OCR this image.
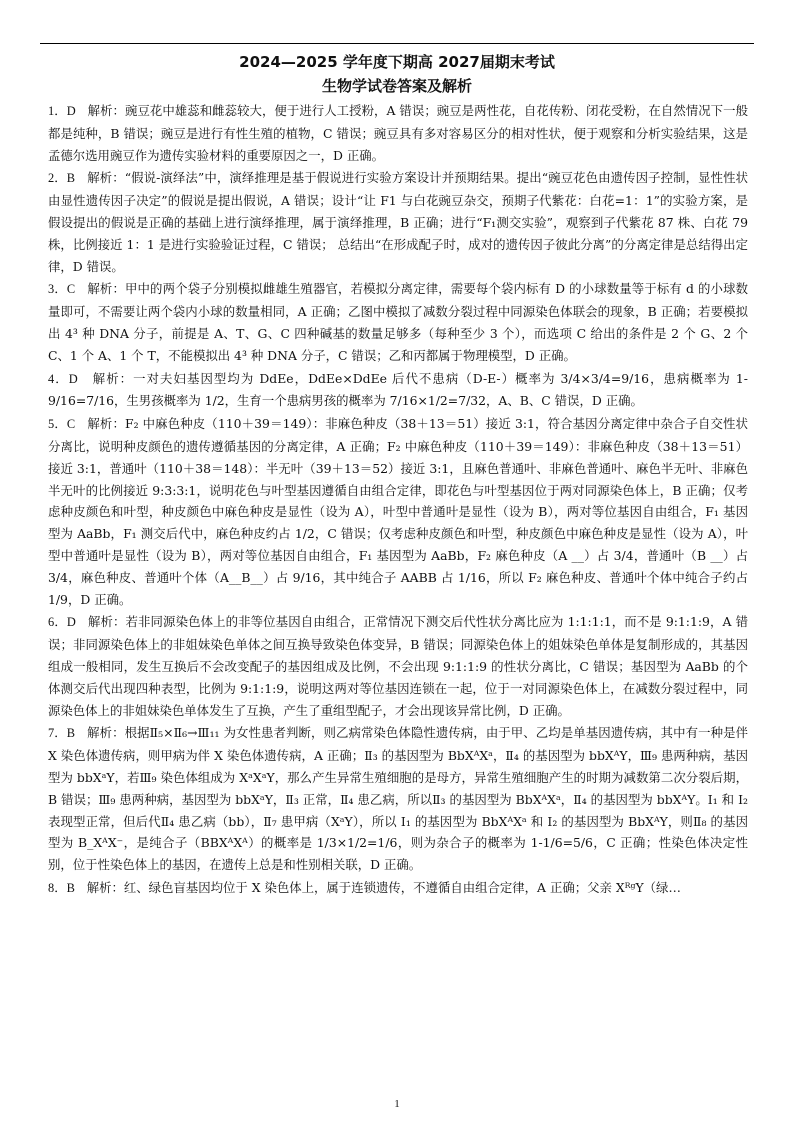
2024—2025 学年度下期高 2027届期末考试
生物学试卷答案及解析

1．D 解析：豌豆花中雄蕊和雌蕊较大，便于进行人工授粉，A 错误；豌豆是两性花，自花传粉、闭花受粉，在自然情况下一般都是纯种，B 错误；豌豆是进行有性生殖的植物，C 错误；豌豆具有多对容易区分的相对性状，便于观察和分析实验结果，这是孟德尔选用豌豆作为遗传实验材料的重要原因之一，D 正确。

2．B 解析：“假说-演绎法”中，演绎推理是基于假说进行实验方案设计并预期结果。提出“豌豆花色由遗传因子控制，显性性状由显性遗传因子决定”的假说是提出假说，A 错误；设计“让 F1 与白花豌豆杂交，预期子代紫花：白花=1：1”的实验方案，是假设提出的假说是正确的基础上进行演绎推理，属于演绎推理，B 正确；进行“F₁测交实验”，观察到子代紫花 87 株、白花 79 株，比例接近 1：1 是进行实验验证过程，C 错误； 总结出“在形成配子时，成对的遗传因子彼此分离”的分离定律是总结得出定律，D 错误。

3．C 解析：甲中的两个袋子分别模拟雌雄生殖器官，若模拟分离定律，需要每个袋内标有 D 的小球数量等于标有 d 的小球数量即可，不需要让两个袋内小球的数量相同，A 正确；乙图中模拟了减数分裂过程中同源染色体联会的现象，B 正确；若要模拟出 4³ 种 DNA 分子，前提是 A、T、G、C 四种碱基的数量足够多（每种至少 3 个），而选项 C 给出的条件是 2 个 G、2 个 C、1 个 A、1 个 T，不能模拟出 4³ 种 DNA 分子，C 错误；乙和丙都属于物理模型，D 正确。

4．D 解析：一对夫妇基因型均为 DdEe，DdEe×DdEe 后代不患病（D-E-）概率为 3/4×3/4=9/16，患病概率为 1-9/16=7/16，生男孩概率为 1/2，生育一个患病男孩的概率为 7/16×1/2=7/32，A、B、C 错误，D 正确。

5．C 解析：F₂ 中麻色种皮（110＋39＝149）：非麻色种皮（38＋13＝51）接近 3:1，符合基因分离定律中杂合子自交性状分离比，说明种皮颜色的遗传遵循基因的分离定律，A 正确；F₂ 中麻色种皮（110＋39＝149）：非麻色种皮（38＋13＝51）接近 3:1，普通叶（110＋38＝148）：半无叶（39＋13＝52）接近 3:1，且麻色普通叶、非麻色普通叶、麻色半无叶、非麻色半无叶的比例接近 9:3:3:1，说明花色与叶型基因遵循自由组合定律，即花色与叶型基因位于两对同源染色体上，B 正确；仅考虑种皮颜色和叶型，种皮颜色中麻色种皮是显性（设为 A），叶型中普通叶是显性（设为 B），两对等位基因自由组合，F₁ 基因型为 AaBb，F₁ 测交后代中，麻色种皮约占 1/2，C 错误；仅考虑种皮颜色和叶型，种皮颜色中麻色种皮是显性（设为 A），叶型中普通叶是显性（设为 B），两对等位基因自由组合，F₁ 基因型为 AaBb，F₂ 麻色种皮（A __）占 3/4，普通叶（B __）占 3/4，麻色种皮、普通叶个体（A__B__）占 9/16，其中纯合子 AABB 占 1/16，所以 F₂ 麻色种皮、普通叶个体中纯合子约占 1/9，D 正确。

6．D 解析：若非同源染色体上的非等位基因自由组合，正常情况下测交后代性状分离比应为 1:1:1:1，而不是 9:1:1:9，A 错误；非同源染色体上的非姐妹染色单体之间互换导致染色体变异，B 错误；同源染色体上的姐妹染色单体是复制形成的，其基因组成一般相同，发生互换后不会改变配子的基因组成及比例，不会出现 9:1:1:9 的性状分离比，C 错误；基因型为 AaBb 的个体测交后代出现四种表型，比例为 9:1:1:9，说明这两对等位基因连锁在一起，位于一对同源染色体上，在减数分裂过程中，同源染色体上的非姐妹染色单体发生了互换，产生了重组型配子，才会出现该异常比例，D 正确。

7．B 解析：根据Ⅱ₅×Ⅱ₆→Ⅲ₁₁ 为女性患者判断，则乙病常染色体隐性遗传病，由于甲、乙均是单基因遗传病，其中有一种是伴 X 染色体遗传病，则甲病为伴 X 染色体遗传病，A 正确；Ⅱ₃ 的基因型为 BbXᴬXᵃ，Ⅱ₄ 的基因型为 bbXᴬY，Ⅲ₉ 患两种病，基因型为 bbXᵃY，若Ⅲ₉ 染色体组成为 XᵃXᵃY，那么产生异常生殖细胞的是母方，异常生殖细胞产生的时期为减数第二次分裂后期，B 错误；Ⅲ₉ 患两种病，基因型为 bbXᵃY，Ⅱ₃ 正常，Ⅱ₄ 患乙病，所以Ⅱ₃ 的基因型为 BbXᴬXᵃ，Ⅱ₄ 的基因型为 bbXᴬY。Ⅰ₁ 和 Ⅰ₂ 表现型正常，但后代Ⅱ₄ 患乙病（bb），Ⅱ₇ 患甲病（XᵃY），所以 Ⅰ₁ 的基因型为 BbXᴬXᵃ 和 Ⅰ₂ 的基因型为 BbXᴬY，则Ⅱ₈ 的基因型为 B_XᴬX⁻，是纯合子（BBXᴬXᴬ）的概率是 1/3×1/2=1/6，则为杂合子的概率为 1-1/6=5/6，C 正确；性染色体决定性别，位于性染色体上的基因，在遗传上总是和性别相关联，D 正确。

8．B 解析：红、绿色盲基因均位于 X 染色体上，属于连锁遗传，不遵循自由组合定律，A 正确；父亲 XᴿᵍY（绿…

1
